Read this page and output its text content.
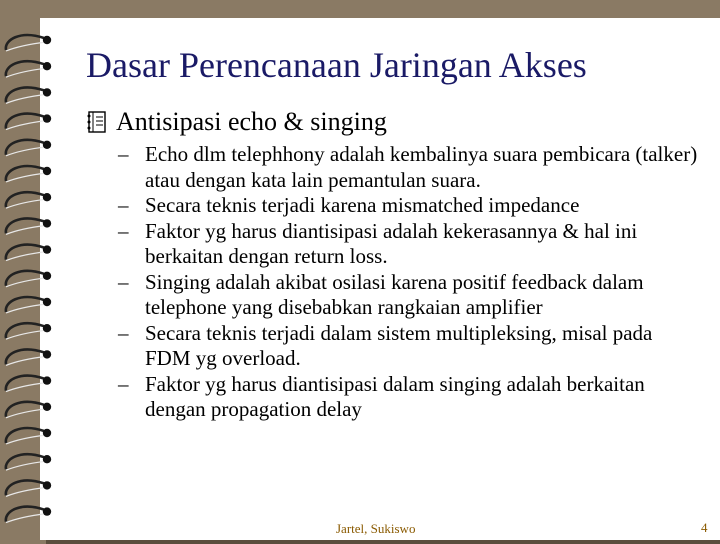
Dasar Perencanaan Jaringan Akses
Antisipasi echo & singing
– Echo dlm telephhony adalah kembalinya suara pembicara (talker) atau dengan kata lain pemantulan suara.
– Secara teknis terjadi karena mismatched impedance
– Faktor yg harus diantisipasi adalah kekerasannya & hal ini berkaitan dengan return loss.
– Singing adalah akibat osilasi karena positif feedback dalam telephone yang disebabkan rangkaian amplifier
– Secara teknis terjadi dalam sistem multipleksing, misal pada FDM yg overload.
– Faktor yg harus diantisipasi dalam singing adalah berkaitan dengan propagation delay
Jartel, Sukiswo	4
